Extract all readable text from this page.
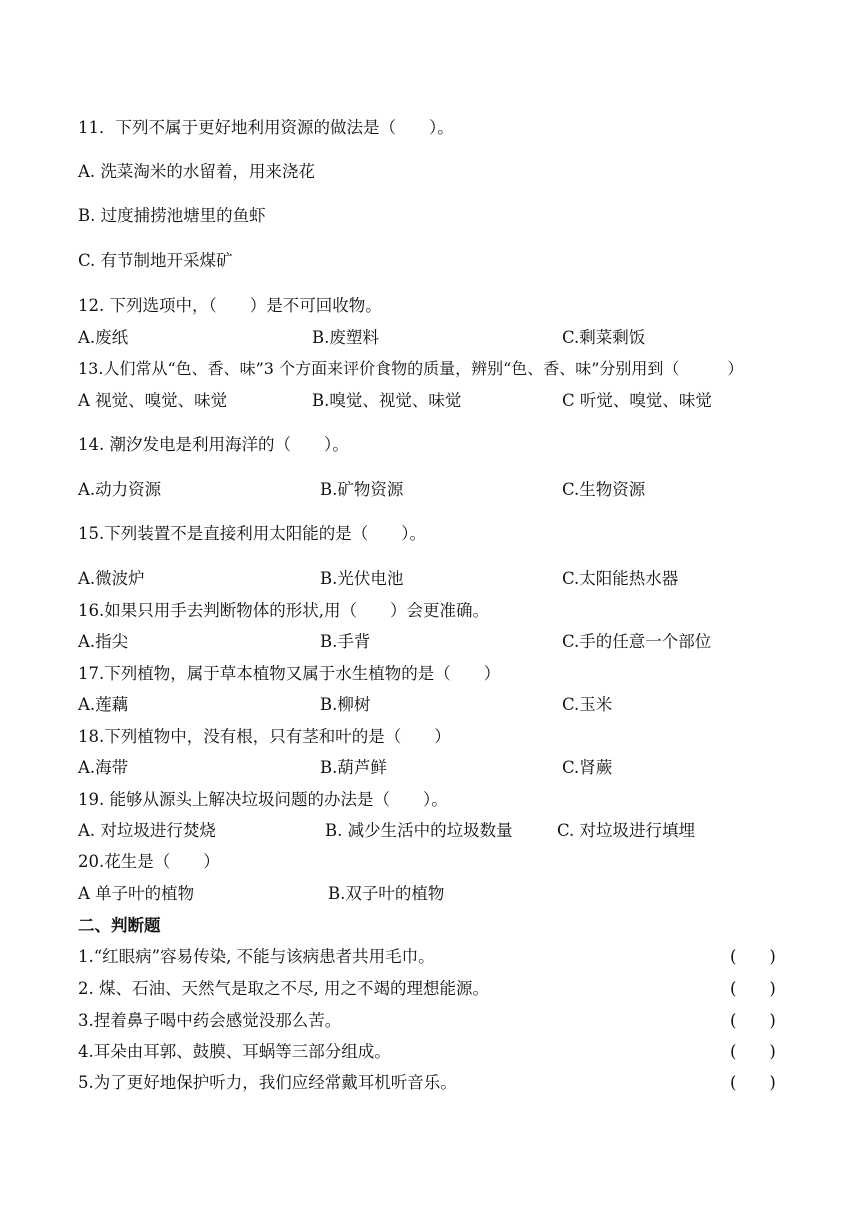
11．下列不属于更好地利用资源的做法是（　　）。
A. 洗菜淘米的水留着，用来浇花
B. 过度捕捞池塘里的鱼虾
C. 有节制地开采煤矿
12. 下列选项中，（　　）是不可回收物。
A.废纸	B.废塑料	C.剩菜剩饭
13.人们常从“色、香、味”3 个方面来评价食物的质量，辨别“色、香、味”分别用到（　　　）
A 视觉、嗅觉、味觉	B.嗅觉、视觉、味觉	C 听觉、嗅觉、味觉
14. 潮汐发电是利用海洋的（　　）。
A.动力资源	B.矿物资源	C.生物资源
15.下列装置不是直接利用太阳能的是（　　）。
A.微波炉	B.光伏电池	C.太阳能热水器
16.如果只用手去判断物体的形状,用（　　）会更准确。
A.指尖	B.手背	C.手的任意一个部位
17.下列植物，属于草本植物又属于水生植物的是（　　）
A.莲藕	B.柳树	C.玉米
18.下列植物中，没有根，只有茎和叶的是（　　）
A.海带	B.葫芦鲜	C.肾蕨
19. 能够从源头上解决垃圾问题的办法是（　　）。
A. 对垃圾进行焚烧	B. 减少生活中的垃圾数量	C. 对垃圾进行填埋
20.花生是（　　）
A 单子叶的植物	B.双子叶的植物
二、判断题
1.“红眼病”容易传染, 不能与该病患者共用毛巾。	(　　)
2. 煤、石油、天然气是取之不尽, 用之不竭的理想能源。	(　　)
3.捏着鼻子喝中药会感觉没那么苦。	(　　)
4.耳朵由耳郭、鼓膜、耳蜗等三部分组成。	(　　)
5.为了更好地保护听力，我们应经常戴耳机听音乐。	(　　)
